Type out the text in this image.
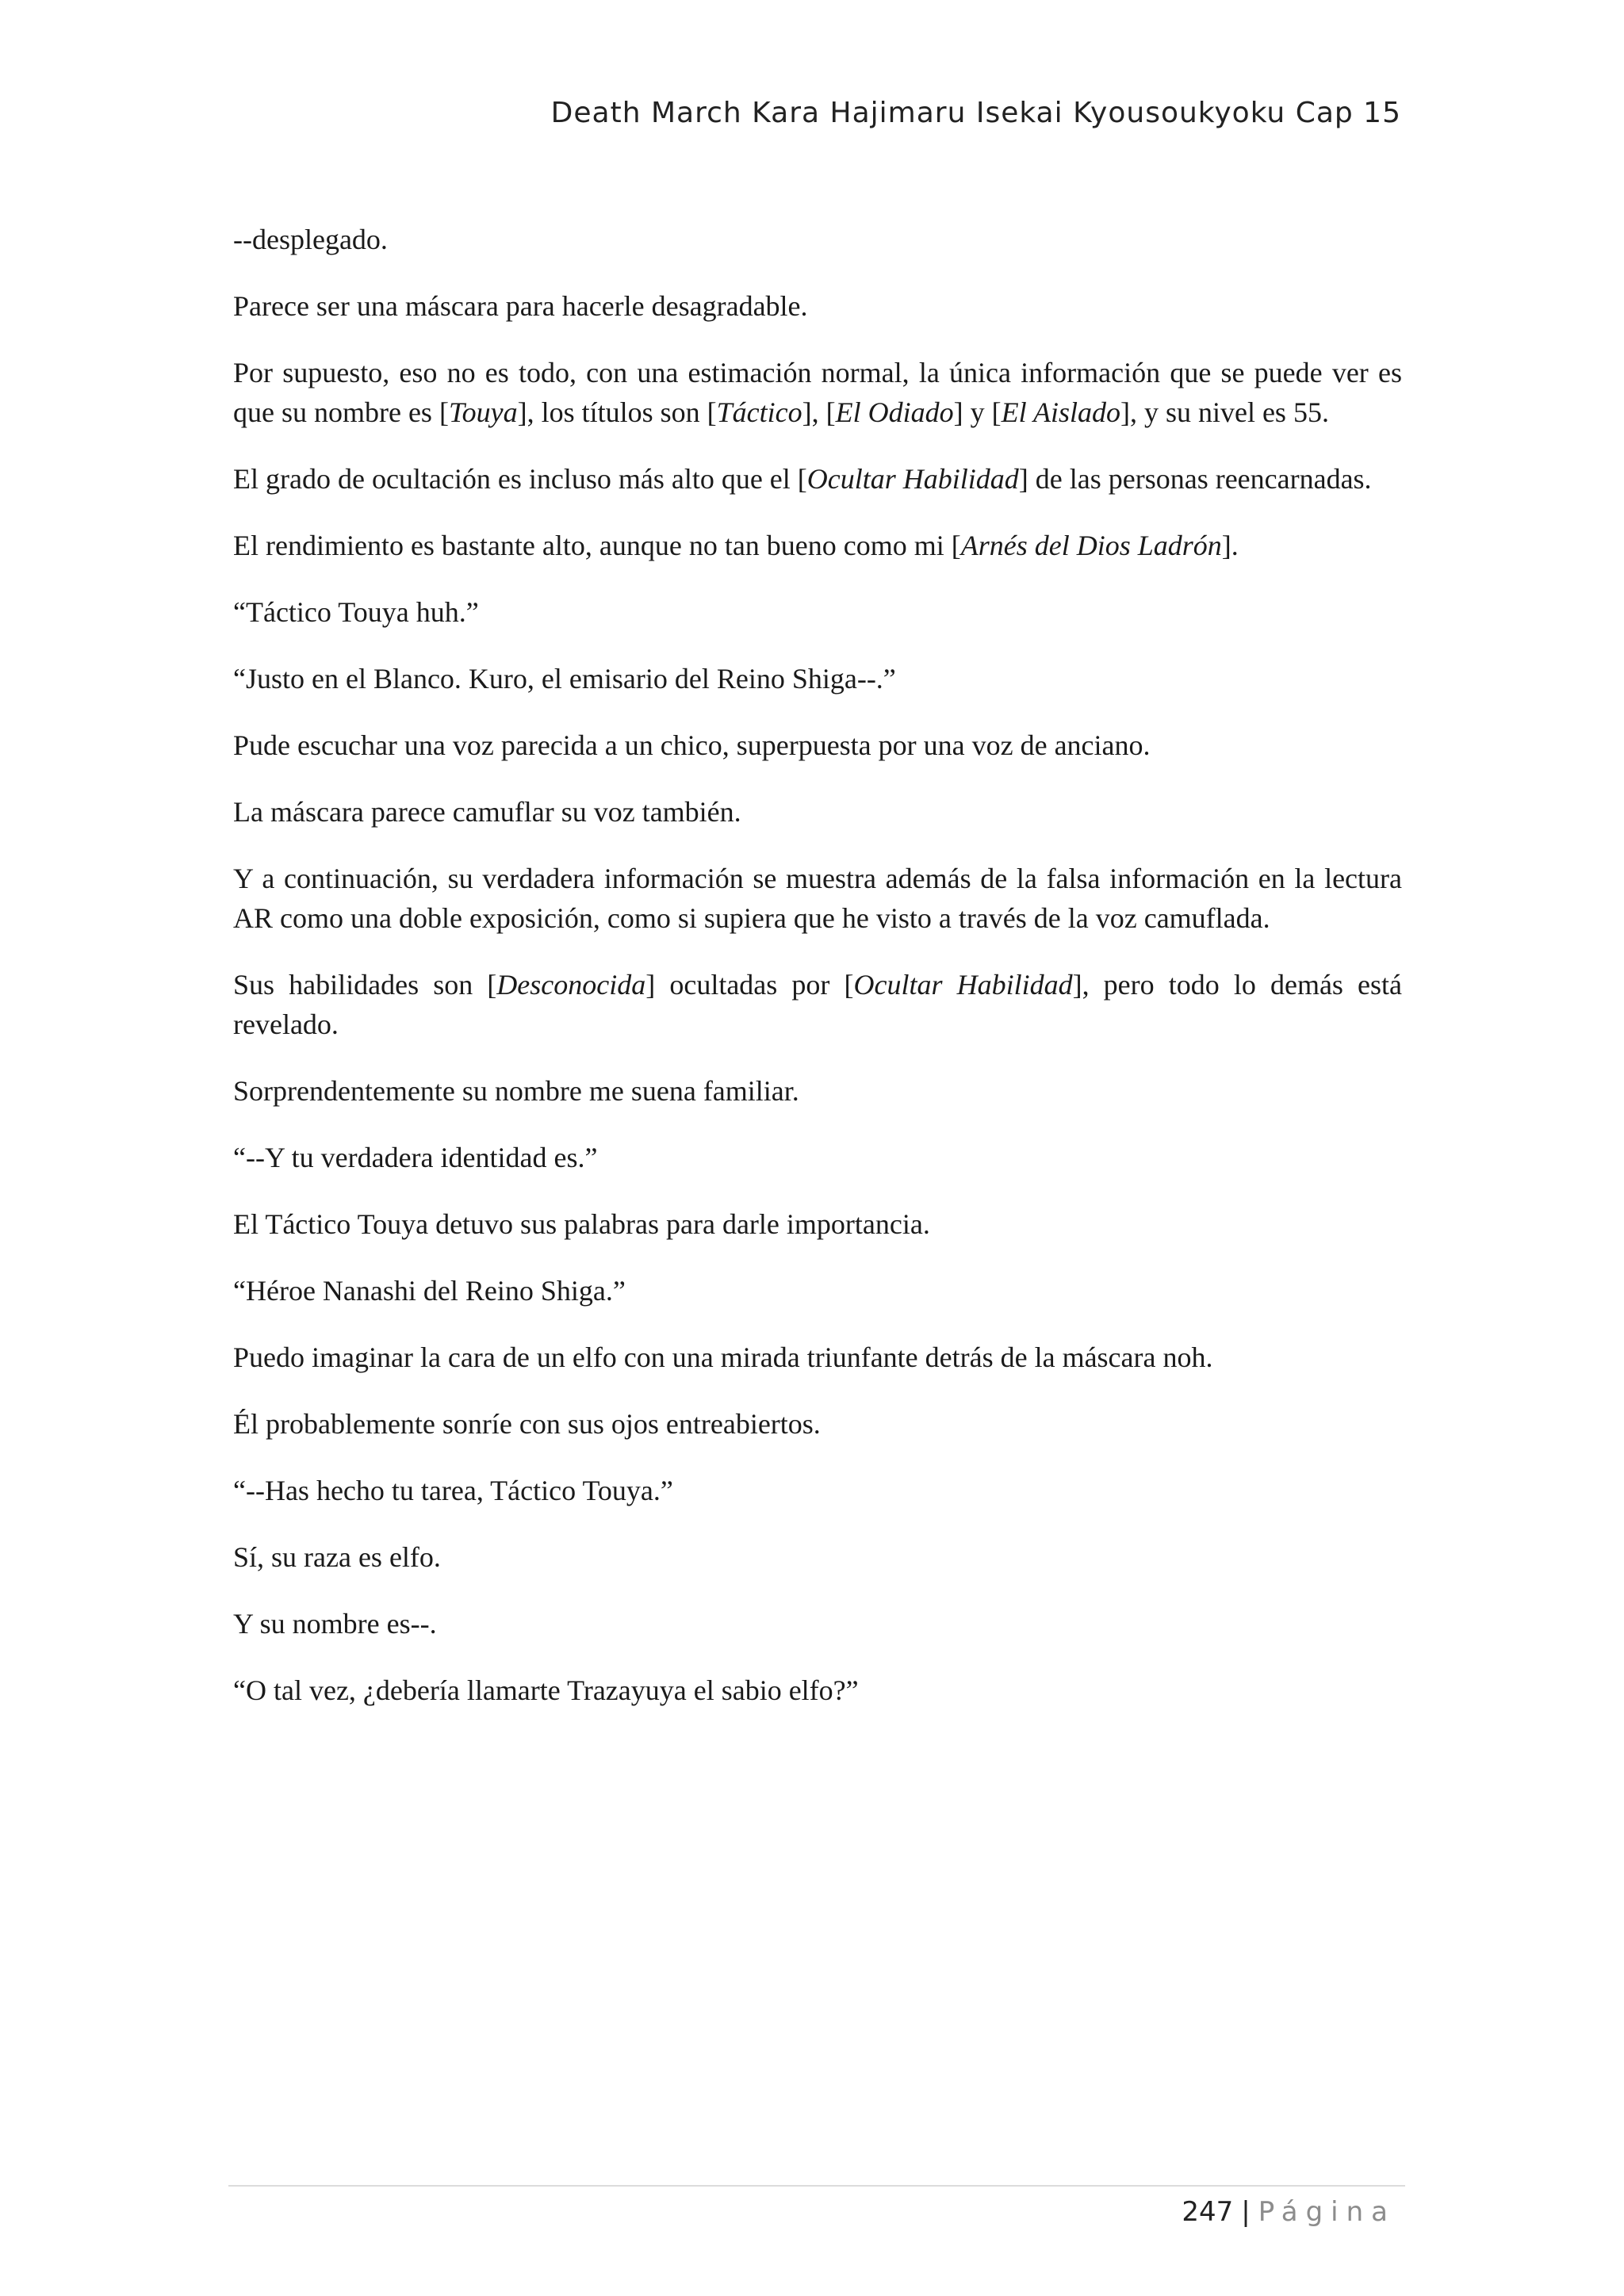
Death March Kara Hajimaru Isekai Kyousoukyoku Cap 15

--desplegado.

Parece ser una máscara para hacerle desagradable.

Por supuesto, eso no es todo, con una estimación normal, la única información que se puede ver es que su nombre es [Touya], los títulos son [Táctico], [El Odiado] y [El Aislado], y su nivel es 55.

El grado de ocultación es incluso más alto que el [Ocultar Habilidad] de las personas reencarnadas.

El rendimiento es bastante alto, aunque no tan bueno como mi [Arnés del Dios Ladrón].

“Táctico Touya huh.”

“Justo en el Blanco. Kuro, el emisario del Reino Shiga--.”

Pude escuchar una voz parecida a un chico, superpuesta por una voz de anciano.

La máscara parece camuflar su voz también.

Y a continuación, su verdadera información se muestra además de la falsa información en la lectura AR como una doble exposición, como si supiera que he visto a través de la voz camuflada.

Sus habilidades son [Desconocida] ocultadas por [Ocultar Habilidad], pero todo lo demás está revelado.

Sorprendentemente su nombre me suena familiar.

“--Y tu verdadera identidad es.”

El Táctico Touya detuvo sus palabras para darle importancia.

“Héroe Nanashi del Reino Shiga.”

Puedo imaginar la cara de un elfo con una mirada triunfante detrás de la máscara noh.

Él probablemente sonríe con sus ojos entreabiertos.

“--Has hecho tu tarea, Táctico Touya.”

Sí, su raza es elfo.

Y su nombre es--.

“O tal vez, ¿debería llamarte Trazayuya el sabio elfo?”

247 | Página
